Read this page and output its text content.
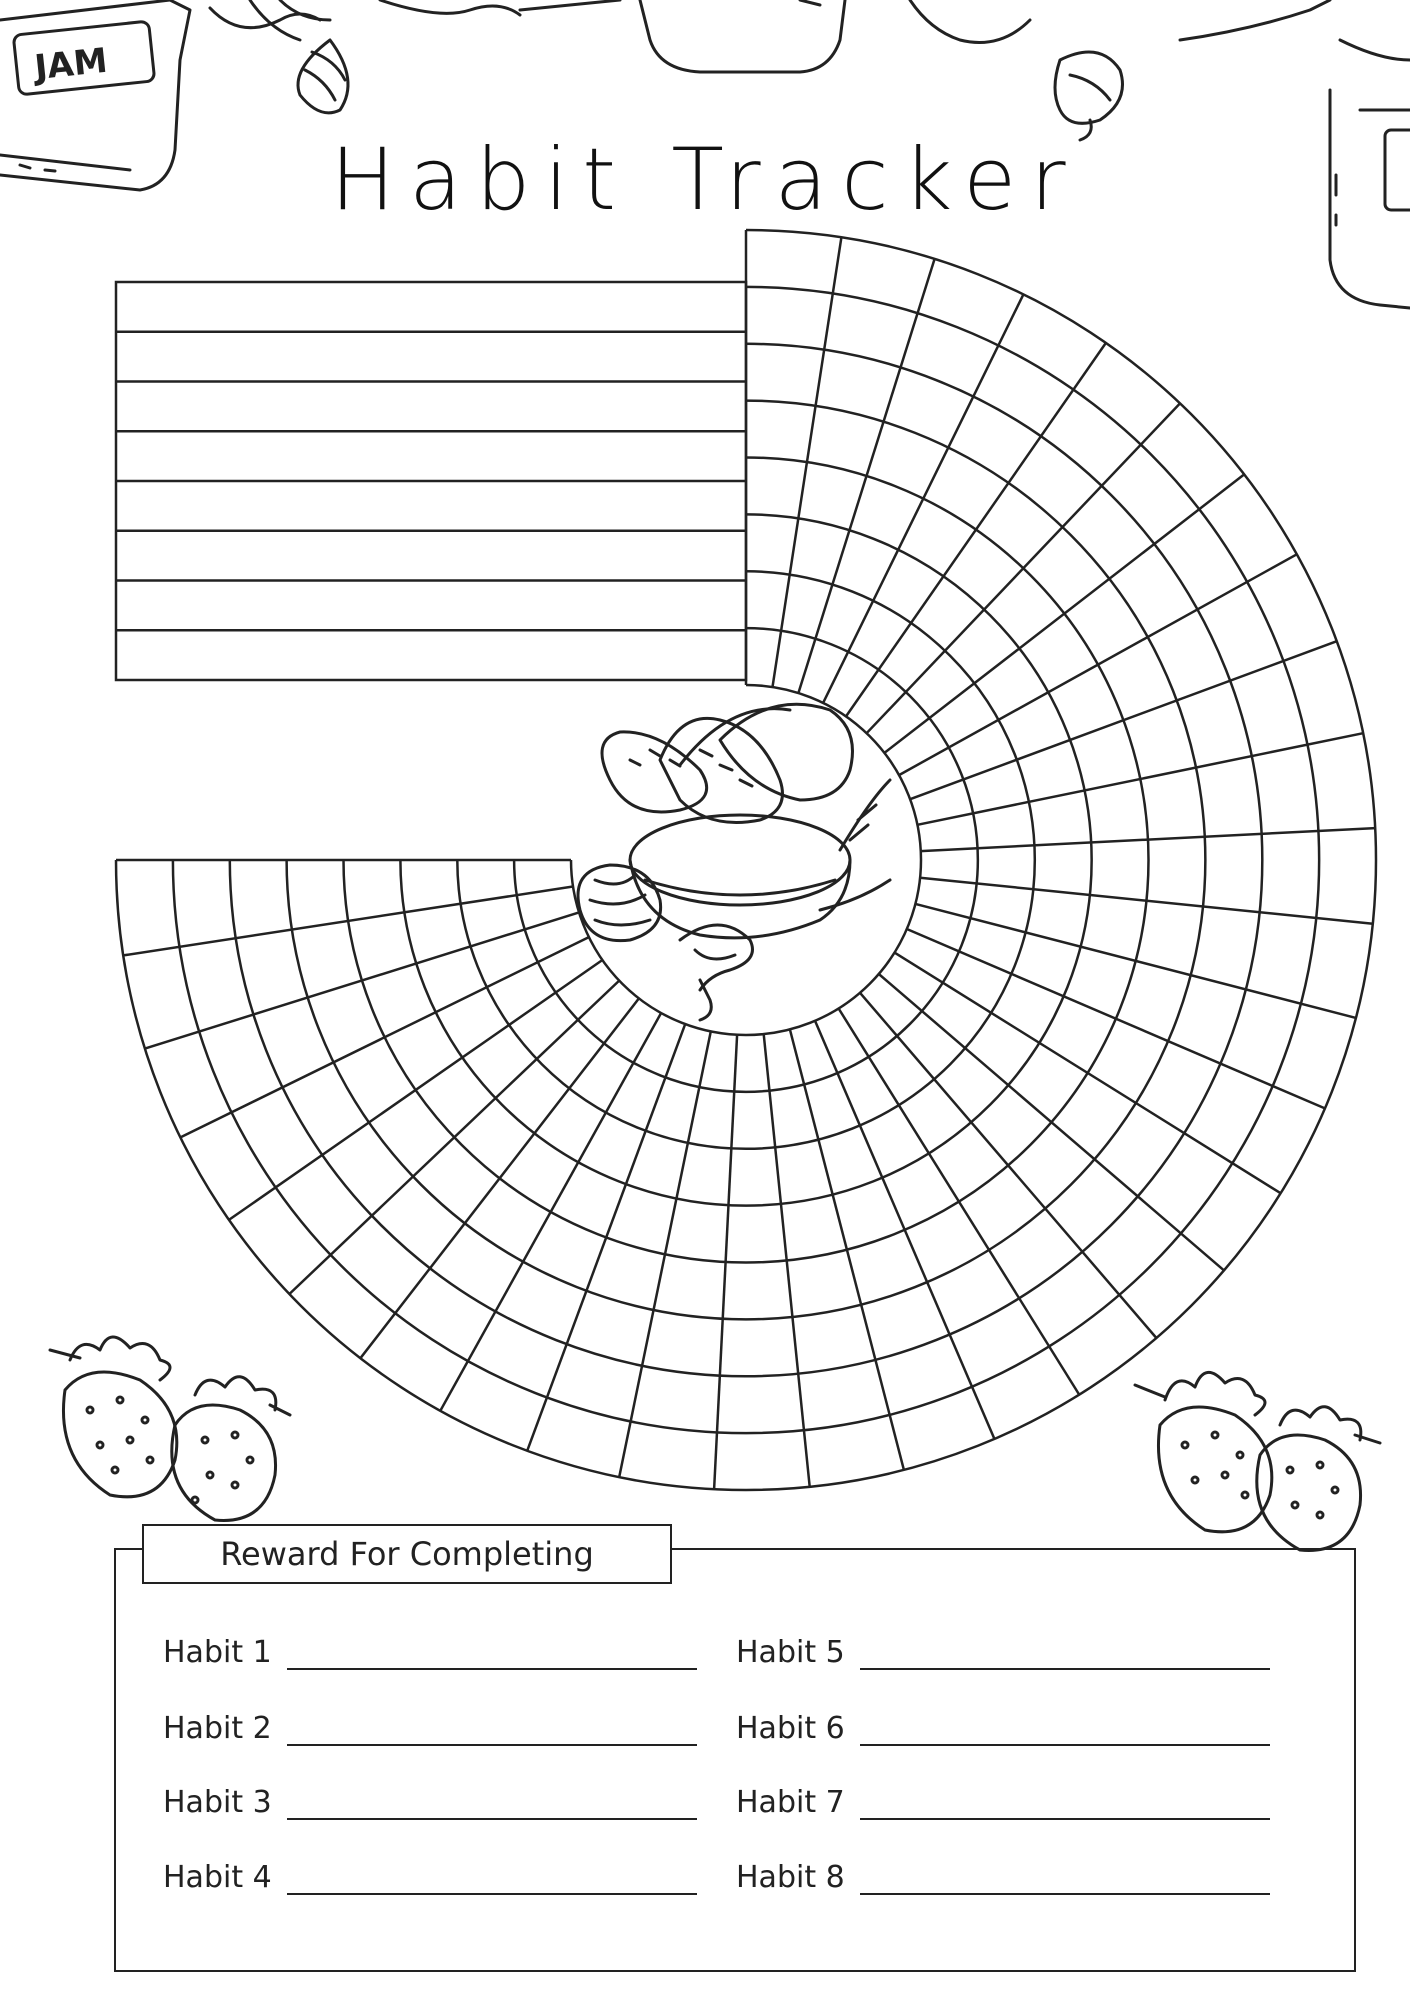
JAM
Habit Tracker
Reward For Completing
Habit 1
Habit 2
Habit 3
Habit 4
Habit 5
Habit 6
Habit 7
Habit 8
